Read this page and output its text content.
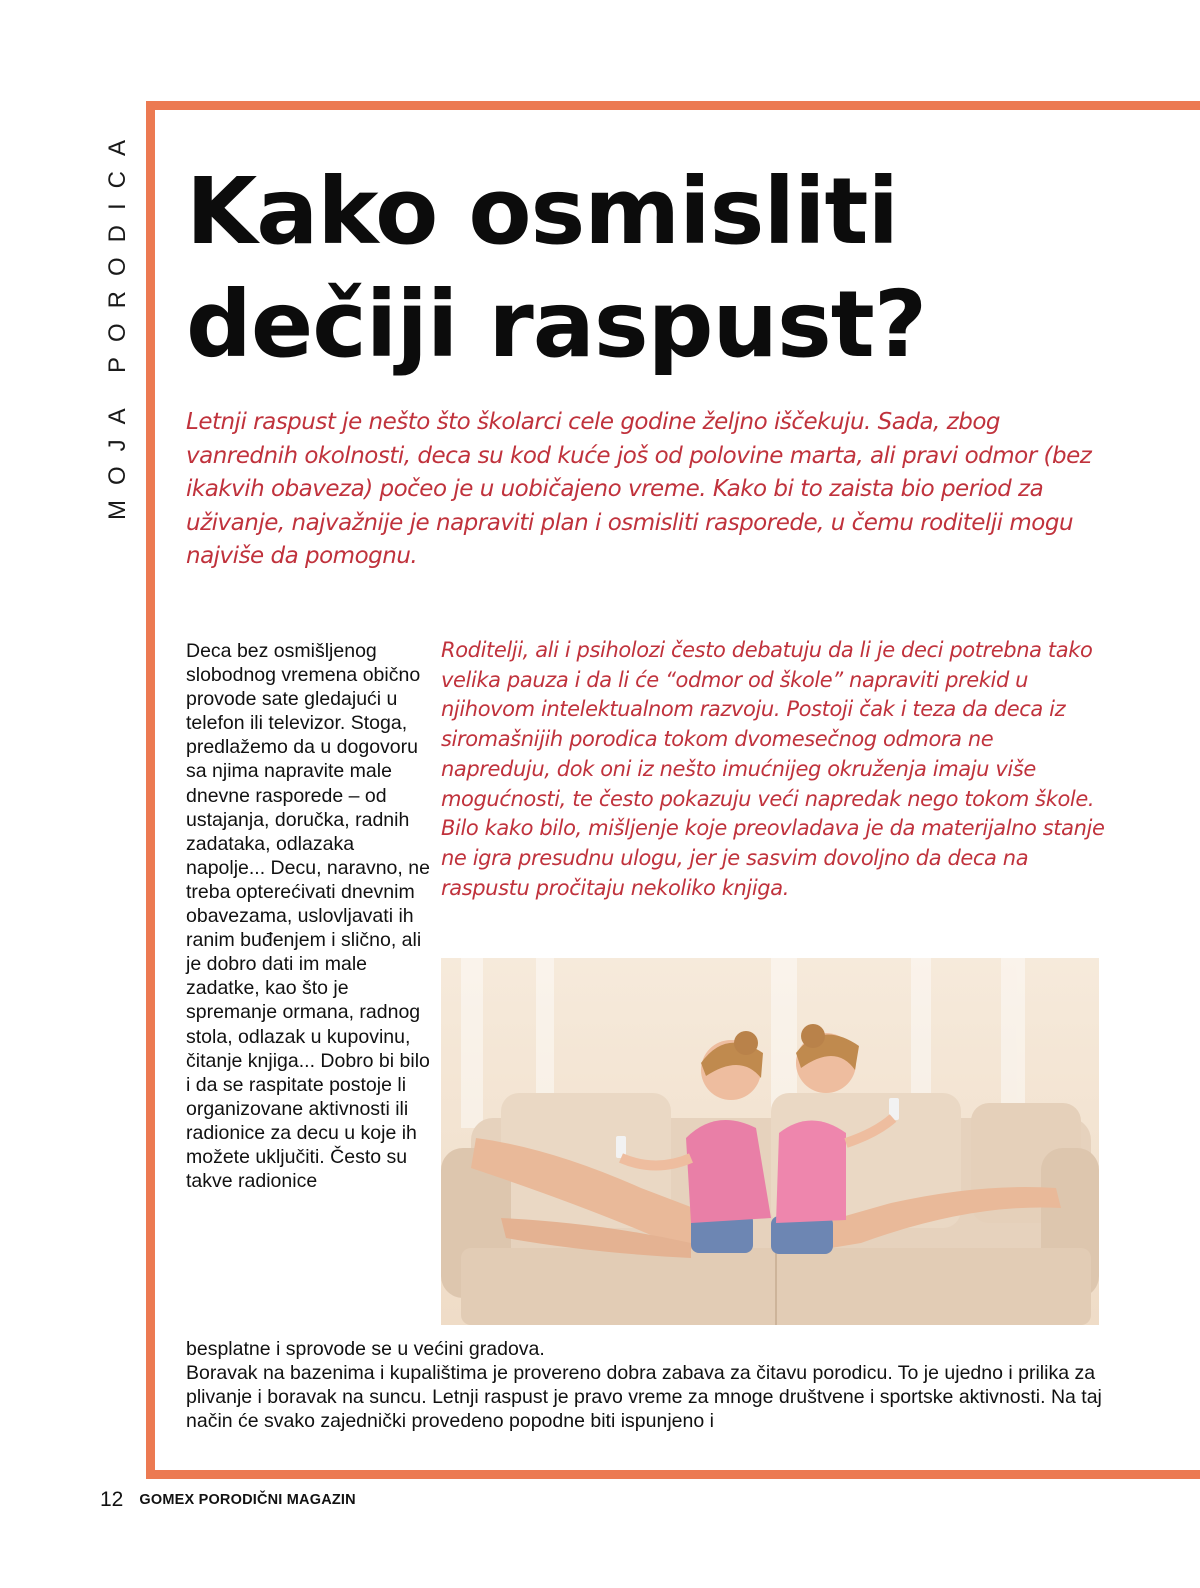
MOJA PORODICA Kako osmisliti dečiji raspust?

Letnji raspust je nešto što školarci cele godine željno iščekuju. Sada, zbog vanrednih okolnosti, deca su kod kuće još od polovine marta, ali pravi odmor (bez ikakvih obaveza) počeo je u uobičajeno vreme. Kako bi to zaista bio period za uživanje, najvažnije je napraviti plan i osmisliti rasporede, u čemu roditelji mogu najviše da pomognu.

Deca bez osmišljenog slobodnog vremena obično provode sate gledajući u telefon ili televizor. Stoga, predlažemo da u dogovoru sa njima napravite male dnevne rasporede – od ustajanja, doručka, radnih zadataka, odlazaka napolje... Decu, naravno, ne treba opterećivati dnevnim obavezama, uslovljavati ih ranim buđenjem i slično, ali je dobro dati im male zadatke, kao što je spremanje ormana, radnog stola, odlazak u kupovinu, čitanje knjiga... Dobro bi bilo i da se raspitate postoje li organizovane aktivnosti ili radionice za decu u koje ih možete uključiti. Često su takve radionice

Roditelji, ali i psiholozi često debatuju da li je deci potrebna tako velika pauza i da li će “odmor od škole” napraviti prekid u njihovom intelektualnom razvoju. Postoji čak i teza da deca iz siromašnijih porodica tokom dvomesečnog odmora ne napreduju, dok oni iz nešto imućnijeg okruženja imaju više mogućnosti, te često pokazuju veći napredak nego tokom škole. Bilo kako bilo, mišljenje koje preovladava je da materijalno stanje ne igra presudnu ulogu, jer je sasvim dovoljno da deca na raspustu pročitaju nekoliko knjiga.

besplatne i sprovode se u većini gradova.
Boravak na bazenima i kupalištima je provereno dobra zabava za čitavu porodicu. To je ujedno i prilika za plivanje i boravak na suncu. Letnji raspust je pravo vreme za mnoge društvene i sportske aktivnosti. Na taj način će svako zajednički provedeno popodne biti ispunjeno i
12 GOMEX PORODIČNI MAGAZIN
